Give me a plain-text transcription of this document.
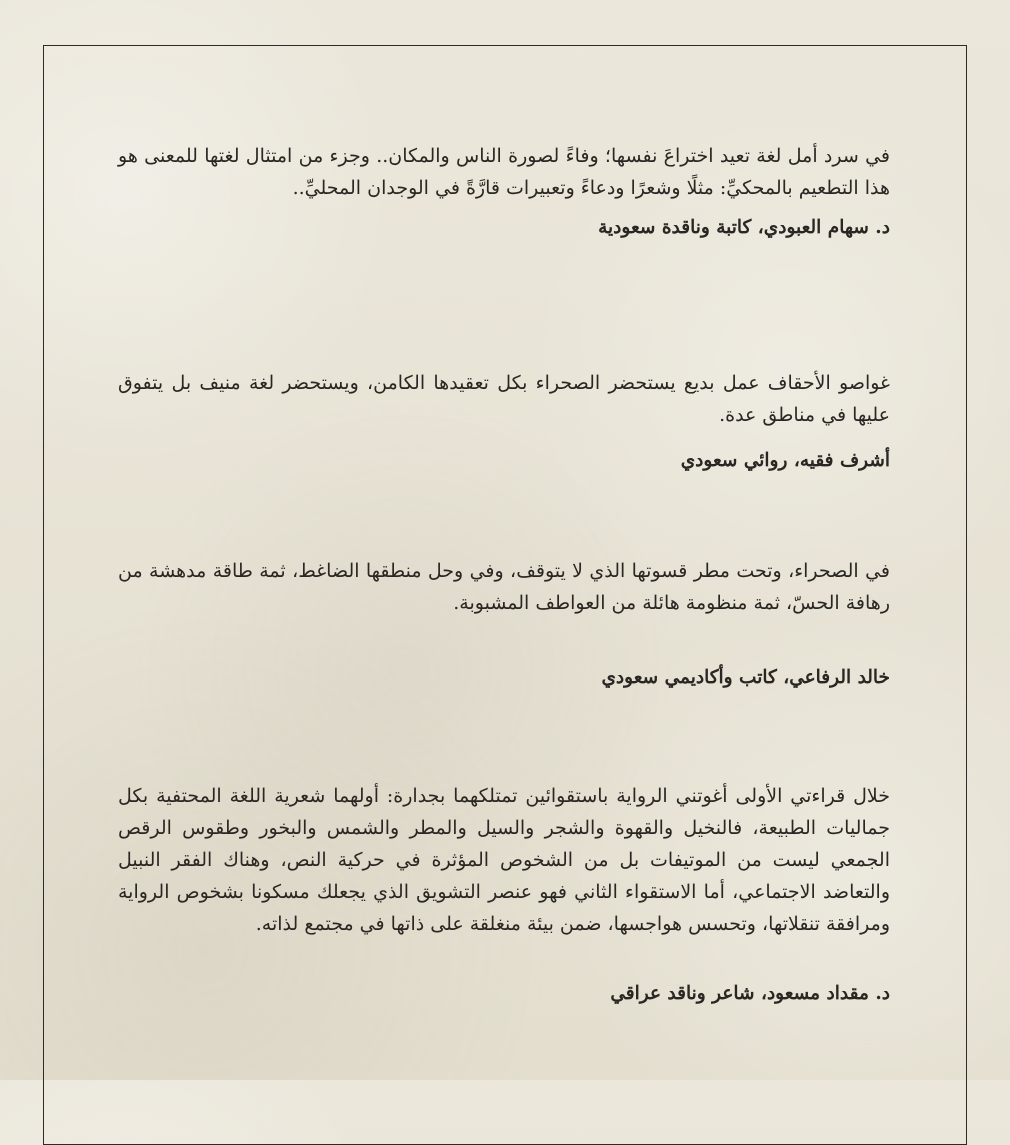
في سرد أمل لغة تعيد اختراعَ نفسها؛ وفاءً لصورة الناس والمكان.. وجزء من امتثال لغتها للمعنى هو هذا التطعيم بالمحكيِّ: مثلًا وشعرًا ودعاءً وتعبيرات قارَّةً في الوجدان المحليِّ..

د. سهام العبودي، كاتبة وناقدة سعودية

غواصو الأحقاف عمل بديع يستحضر الصحراء بكل تعقيدها الكامن، ويستحضر لغة منيف بل يتفوق عليها في مناطق عدة.

أشرف فقيه، روائي سعودي

في الصحراء، وتحت مطر قسوتها الذي لا يتوقف، وفي وحل منطقها الضاغط، ثمة طاقة مدهشة من رهافة الحسّ، ثمة منظومة هائلة من العواطف المشبوبة.

خالد الرفاعي، كاتب وأكاديمي سعودي

خلال قراءتي الأولى أغوتني الرواية باستقوائين تمتلكهما بجدارة: أولهما شعرية اللغة المحتفية بكل جماليات الطبيعة، فالنخيل والقهوة والشجر والسيل والمطر والشمس والبخور وطقوس الرقص الجمعي ليست من الموتيفات بل من الشخوص المؤثرة في حركية النص، وهناك الفقر النبيل والتعاضد الاجتماعي، أما الاستقواء الثاني فهو عنصر التشويق الذي يجعلك مسكونا بشخوص الرواية ومرافقة تنقلاتها، وتحسس هواجسها، ضمن بيئة منغلقة على ذاتها في مجتمع لذاته.

د. مقداد مسعود، شاعر وناقد عراقي
